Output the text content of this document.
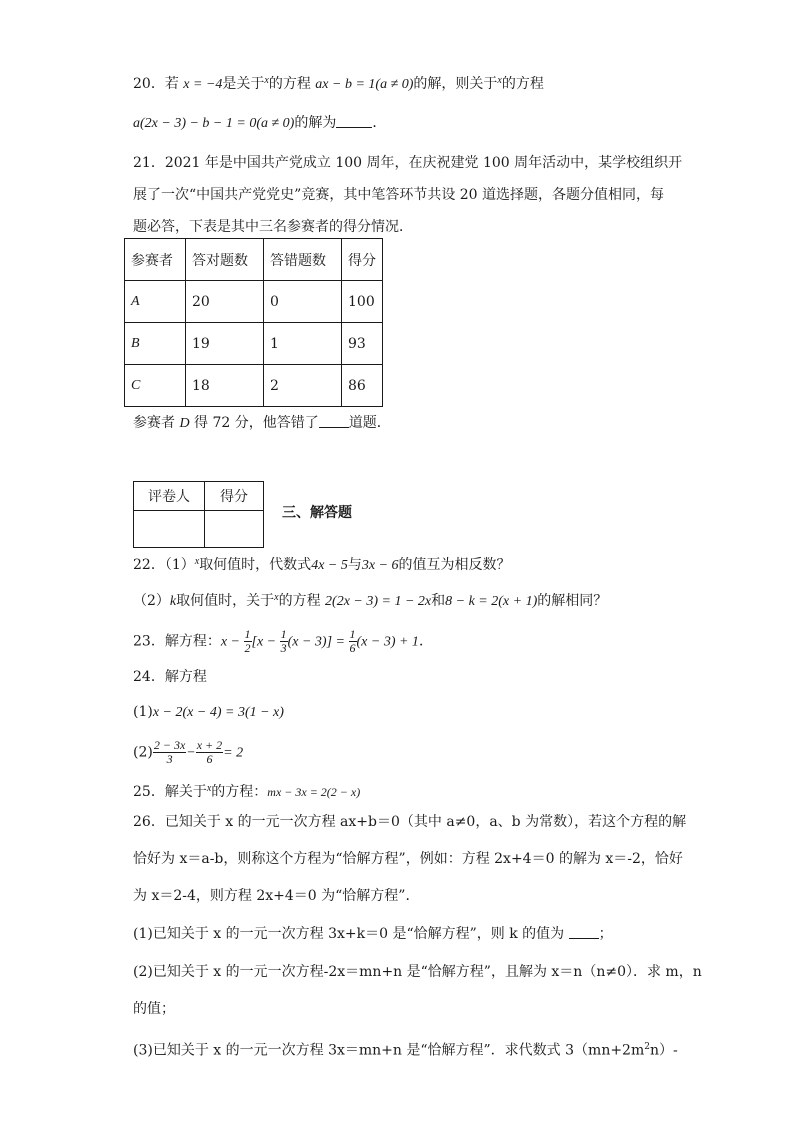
20．若 x = −4是关于$^x$的方程 ax − b = 1(a ≠ 0)的解，则关于$^x$的方程
a(2x − 3) − b − 1 = 0(a ≠ 0)的解为	．
21．2021 年是中国共产党成立 100 周年，在庆祝建党 100 周年活动中，某学校组织开
展了一次“中国共产党党史”竞赛，其中笔答环节共设 20 道选择题，各题分值相同，每
题必答，下表是其中三名参赛者的得分情况．
参赛者	答对题数	答错题数	得分
A	20	0	100
B	19	1	93
C	18	2	86
参赛者 D 得 72 分，他答错了 道题．
评卷人	得分

三、解答题
22．$(1)^x$取何值时，代数式4x − 5与3x − 6的值互为相反数？
（2）k取何值时，关于$^x$的方程 2(2x − 3) = 1 − 2x和8 − k = 2(x + 1)的解相同？
23．解方程：$x - \frac{1}{2} [x - \frac{1}{3} (x - 3)] = \frac{1}{6} (x - 3) + 1$．
24．解方程
(1)x − 2(x − 4) = 3(1 − x)
$(2) \frac{2 - 3x}{3} - \frac{x + 2}{6} = 2$
25．解关于$^x$的方程：mx − 3x = 2(2 − x)
26．已知关于 x 的一元一次方程 ax+b＝0（其中 a≠0，a、b 为常数），若这个方程的解
恰好为 x＝a-b，则称这个方程为“恰解方程”，例如：方程 2x+4＝0 的解为 x＝-2，恰好
为 x＝2-4，则方程 2x+4＝0 为“恰解方程”．
(1)已知关于 x 的一元一次方程 3x+k＝0 是“恰解方程”，则 k 的值为 ；
(2)已知关于 x 的一元一次方程-2x＝mn+n 是“恰解方程”，且解为 x＝n（n≠0）．求 m，n
的值；
(3)已知关于 x 的一元一次方程 3x＝mn+n 是“恰解方程”．求代数式 $3(mn+2m^2n)-$
